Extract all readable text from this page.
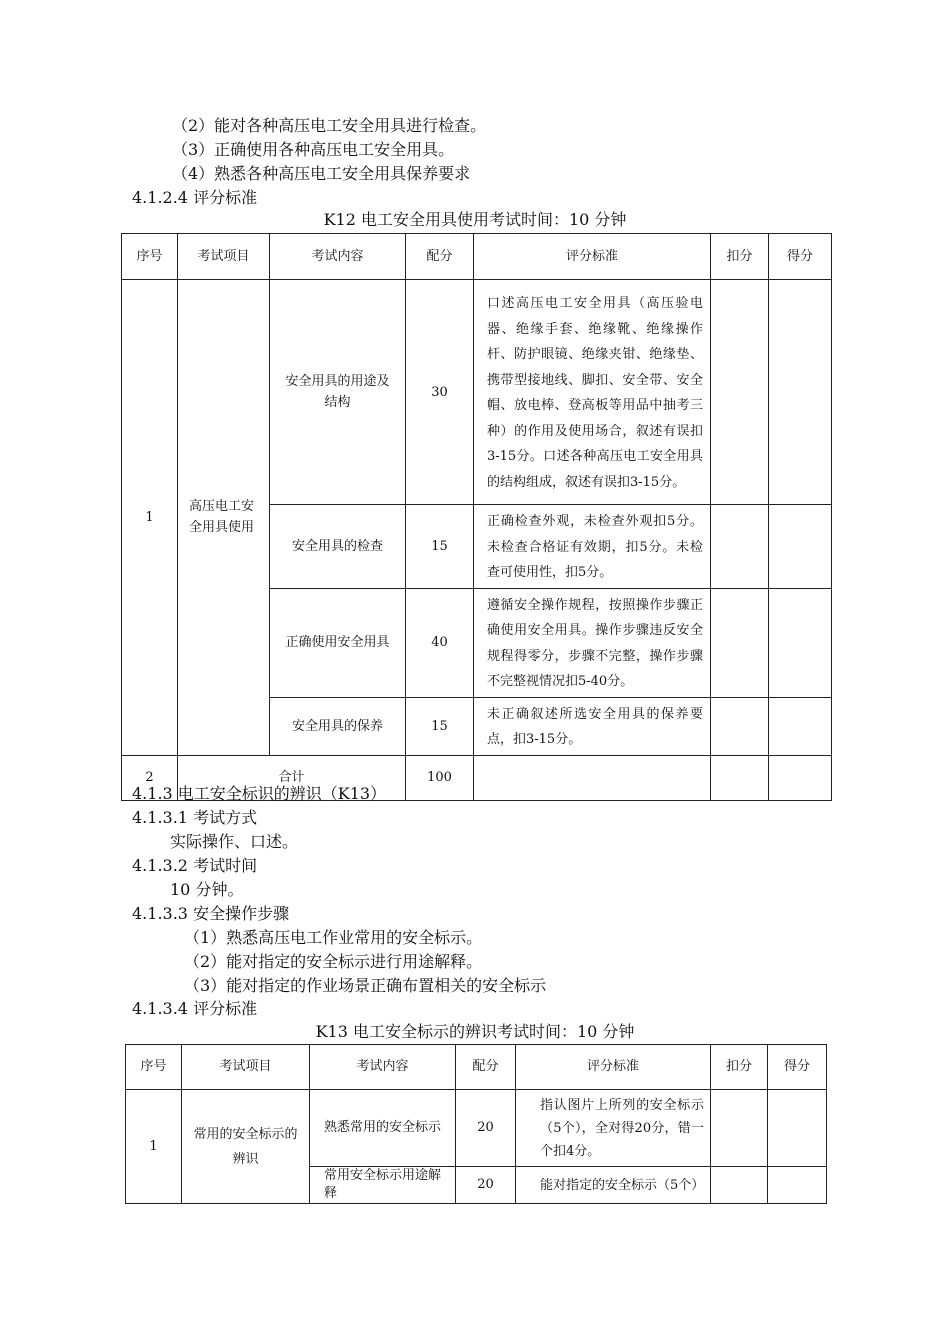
（2）能对各种高压电工安全用具进行检查。
（3）正确使用各种高压电工安全用具。
（4）熟悉各种高压电工安全用具保养要求
4.1.2.4 评分标准
K12 电工安全用具使用考试时间：10 分钟
序号	考试项目	考试内容	配分	评分标准	扣分	得分
1	高压电工安全用具使用	安全用具的用途及结构	30	口述高压电工安全用具（高压验电器、绝缘手套、绝缘靴、绝缘操作杆、防护眼镜、绝缘夹钳、绝缘垫、携带型接地线、脚扣、安全带、安全帽、放电棒、登高板等用品中抽考三种）的作用及使用场合，叙述有误扣3-15分。口述各种高压电工安全用具的结构组成，叙述有误扣3-15分。		
		安全用具的检查	15	正确检查外观，未检查外观扣5分。未检查合格证有效期，扣5分。未检查可使用性，扣5分。		
		正确使用安全用具	40	遵循安全操作规程，按照操作步骤正确使用安全用具。操作步骤违反安全规程得零分，步骤不完整，操作步骤不完整视情况扣5-40分。		
		安全用具的保养	15	未正确叙述所选安全用具的保养要点，扣3-15分。		
2	合计		100			
4.1.3 电工安全标识的辨识（K13）
4.1.3.1 考试方式
实际操作、口述。
4.1.3.2 考试时间
10 分钟。
4.1.3.3 安全操作步骤
（1）熟悉高压电工作业常用的安全标示。
（2）能对指定的安全标示进行用途解释。
（3）能对指定的作业场景正确布置相关的安全标示
4.1.3.4 评分标准
K13 电工安全标示的辨识考试时间：10 分钟
序号	考试项目	考试内容	配分	评分标准	扣分	得分
1	常用的安全标示的辨识	熟悉常用的安全标示	20	指认图片上所列的安全标示（5个），全对得20分，错一个扣4分。		
		常用安全标示用途解释	20	能对指定的安全标示（5个）		
